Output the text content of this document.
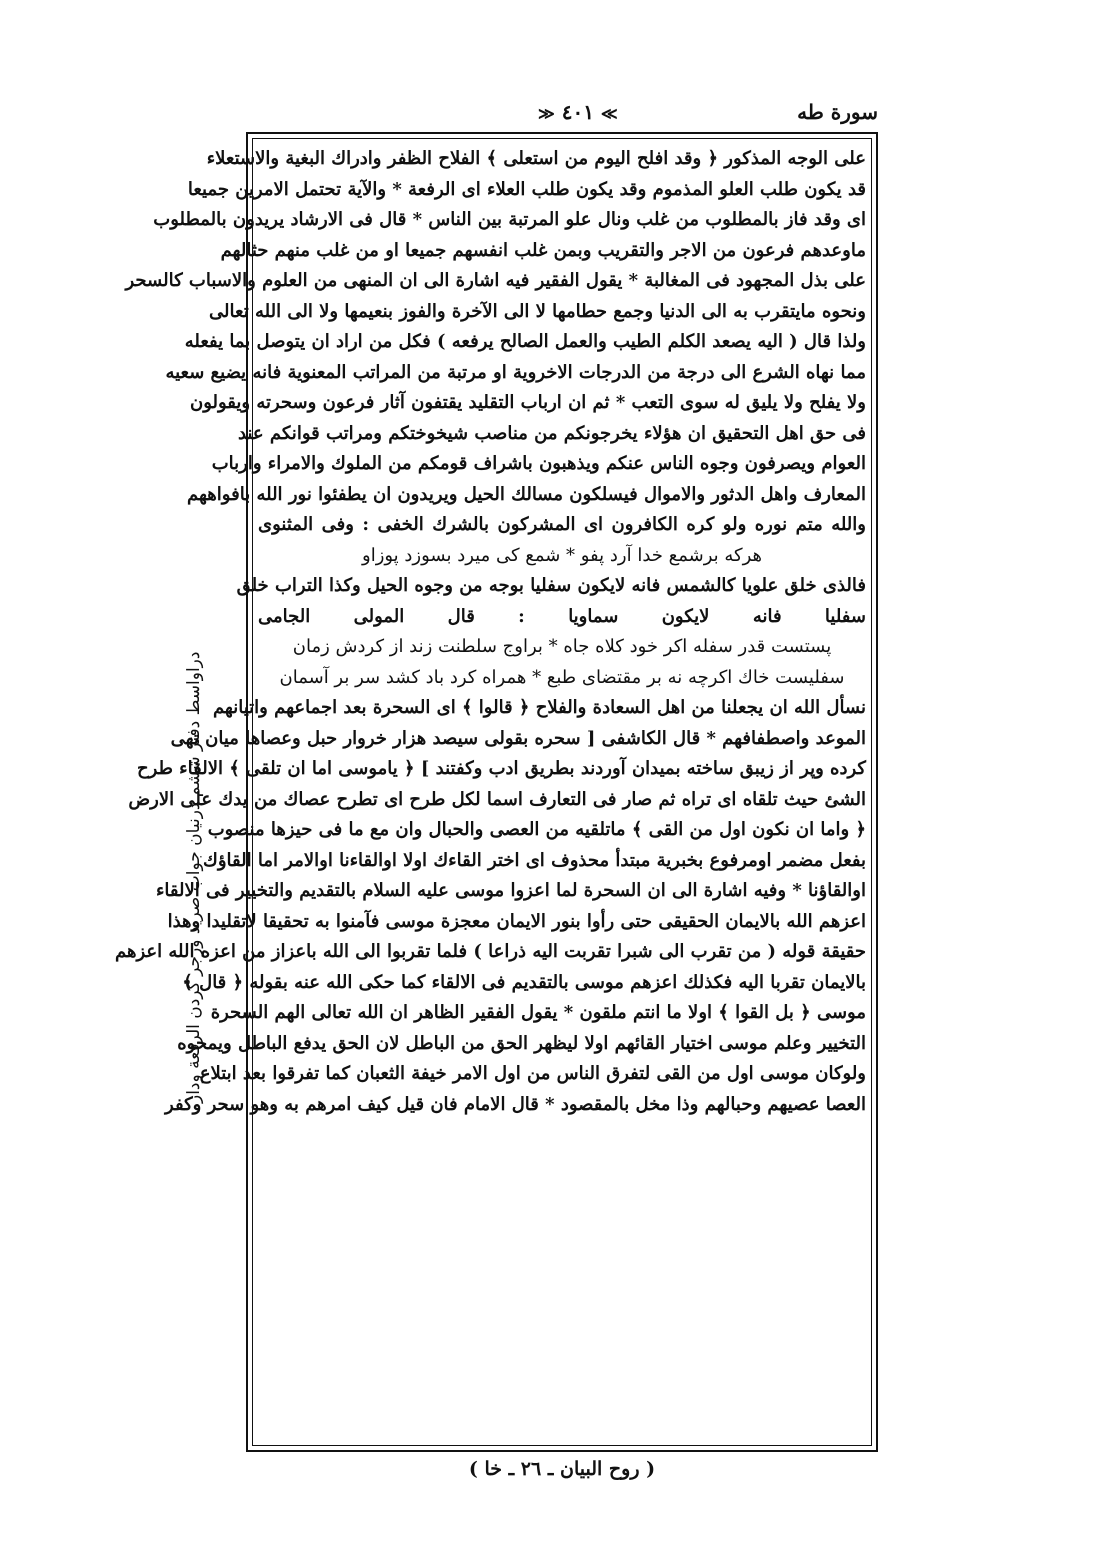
≫ ٤٠١ ≪	سورة طه
على الوجه المذكور ﴿ وقد افلح اليوم من استعلى ﴾ الفلاح الظفر وادراك البغية والاستعلاء
قد يكون طلب العلو المذموم وقد يكون طلب العلاء اى الرفعة * والآية تحتمل الامرين جميعا
اى وقد فاز بالمطلوب من غلب ونال علو المرتبة بين الناس * قال فى الارشاد يريدون بالمطلوب
ماوعدهم فرعون من الاجر والتقريب وبمن غلب انفسهم جميعا او من غلب منهم حثالهم
على بذل المجهود فى المغالبة * يقول الفقير فيه اشارة الى ان المنهى من العلوم والاسباب كالسحر
ونحوه مايتقرب به الى الدنيا وجمع حطامها لا الى الآخرة والفوز بنعيمها ولا الى الله تعالى
ولذا قال ( اليه يصعد الكلم الطيب والعمل الصالح يرفعه ) فكل من اراد ان يتوصل بما يفعله
مما نهاه الشرع الى درجة من الدرجات الاخروية او مرتبة من المراتب المعنوية فانه يضيع سعيه
ولا يفلح ولا يليق له سوى التعب * ثم ان ارباب التقليد يقتفون آثار فرعون وسحرته ويقولون
فى حق اهل التحقيق ان هؤلاء يخرجونكم من مناصب شيخوختكم ومراتب قوانكم عند
العوام ويصرفون وجوه الناس عنكم ويذهبون باشراف قومكم من الملوك والامراء وارباب
المعارف واهل الدثور والاموال فيسلكون مسالك الحيل ويريدون ان يطفئوا نور الله بافواههم
والله متم نوره ولو كره الكافرون اى المشركون بالشرك الخفى : وفى المثنوى
هركه برشمع خدا آرد پفو * شمع كى ميرد بسوزد پوزاو
فالذى خلق علويا كالشمس فانه لايكون سفليا بوجه من وجوه الحيل وكذا التراب خلق
سفليا فانه لايكون سماويا : قال المولى الجامى
پستست قدر سفله اكر خود كلاه جاه * براوج سلطنت زند از كردش زمان
سفليست خاك اكرچه نه بر مقتضاى طبع * همراه كرد باد كشد سر بر آسمان
نسأل الله ان يجعلنا من اهل السعادة والفلاح ﴿ قالوا ﴾ اى السحرة بعد اجماعهم واتيانهم
الموعد واصطفافهم * قال الكاشفى [ سحره بقولى سيصد هزار خروار حبل وعصاها ميان تهى
كرده وپر از زيبق ساخته بميدان آوردند بطريق ادب وكفتند ] ﴿ ياموسى اما ان تلقى ﴾ الالقاء طرح
الشئ حيث تلقاه اى تراه ثم صار فى التعارف اسما لكل طرح اى تطرح عصاك من يدك على الارض
﴿ واما ان نكون اول من القى ﴾ ماتلقيه من العصى والحبال وان مع ما فى حيزها منصوب
بفعل مضمر اومرفوع بخبرية مبتدأ محذوف اى اختر القاءك اولا اوالقاءنا اوالامر اما القاؤك
اوالقاؤنا * وفيه اشارة الى ان السحرة لما اعزوا موسى عليه السلام بالتقديم والتخيير فى الالقاء
اعزهم الله بالايمان الحقيقى حتى رأوا بنور الايمان معجزة موسى فآمنوا به تحقيقا لاتقليدا وهذا
حقيقة قوله ( من تقرب الى شبرا تقربت اليه ذراعا ) فلما تقربوا الى الله باعزاز من اعزه الله اعزهم
بالايمان تقربا اليه فكذلك اعزهم موسى بالتقديم فى الالقاء كما حكى الله عنه بقوله ﴿ قال ﴾
موسى ﴿ بل القوا ﴾ اولا ما انتم ملقون * يقول الفقير الظاهر ان الله تعالى الهم السحرة
التخيير وعلم موسى اختيار القائهم اولا ليظهر الحق من الباطل لان الحق يدفع الباطل ويمحوه
ولوكان موسى اول من القى لتفرق الناس من اول الامر خيفة الثعبان كما تفرقوا بعد ابتلاع
العصا عصيهم وحبالهم وذا مخل بالمقصود * قال الامام فان قيل كيف امرهم به وهو سحر وكفر
دراواسط دفتر ششم درنيان جواب صريد وزجر كردن الرفعة ودار
( روح البيان ـ ٢٦ ـ خا )
